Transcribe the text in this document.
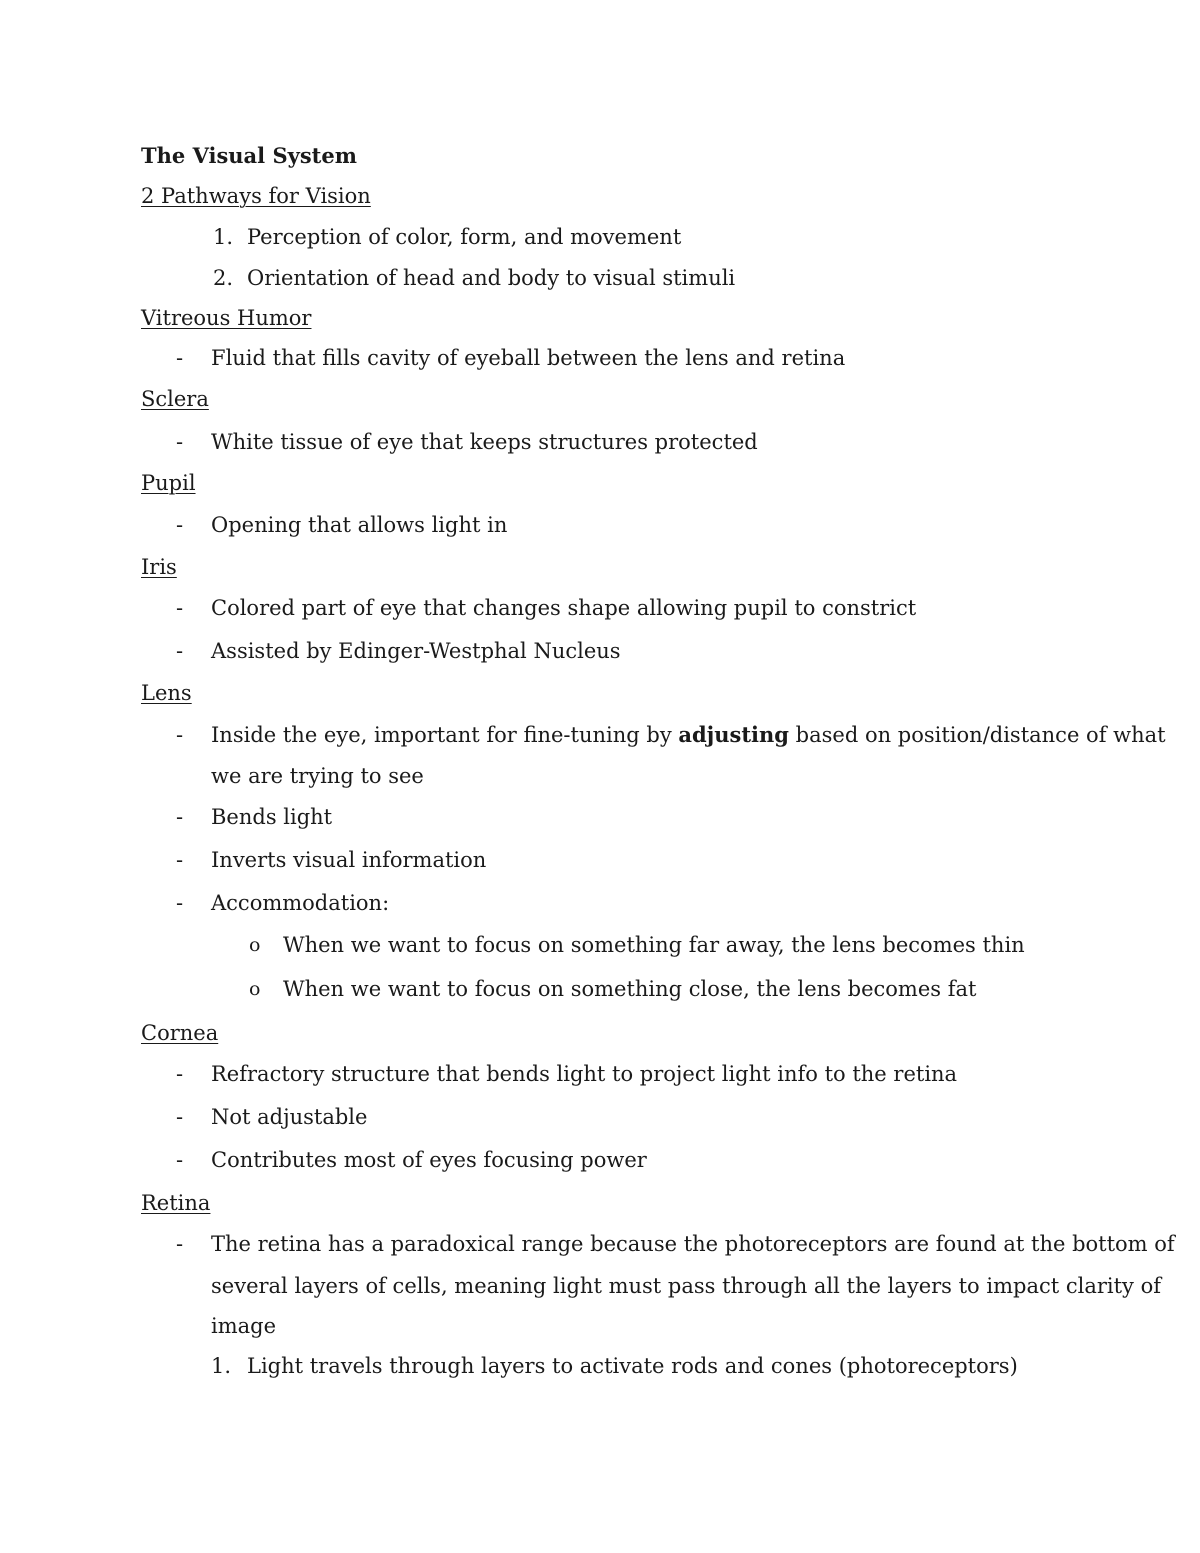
The Visual System
2 Pathways for Vision
1. Perception of color, form, and movement
2. Orientation of head and body to visual stimuli
Vitreous Humor
- Fluid that fills cavity of eyeball between the lens and retina
Sclera
- White tissue of eye that keeps structures protected
Pupil
- Opening that allows light in
Iris
- Colored part of eye that changes shape allowing pupil to constrict
- Assisted by Edinger-Westphal Nucleus
Lens
- Inside the eye, important for fine-tuning by adjusting based on position/distance of what
we are trying to see
- Bends light
- Inverts visual information
- Accommodation:
o When we want to focus on something far away, the lens becomes thin
o When we want to focus on something close, the lens becomes fat
Cornea
- Refractory structure that bends light to project light info to the retina
- Not adjustable
- Contributes most of eyes focusing power
Retina
- The retina has a paradoxical range because the photoreceptors are found at the bottom of
several layers of cells, meaning light must pass through all the layers to impact clarity of
image
1. Light travels through layers to activate rods and cones (photoreceptors)
